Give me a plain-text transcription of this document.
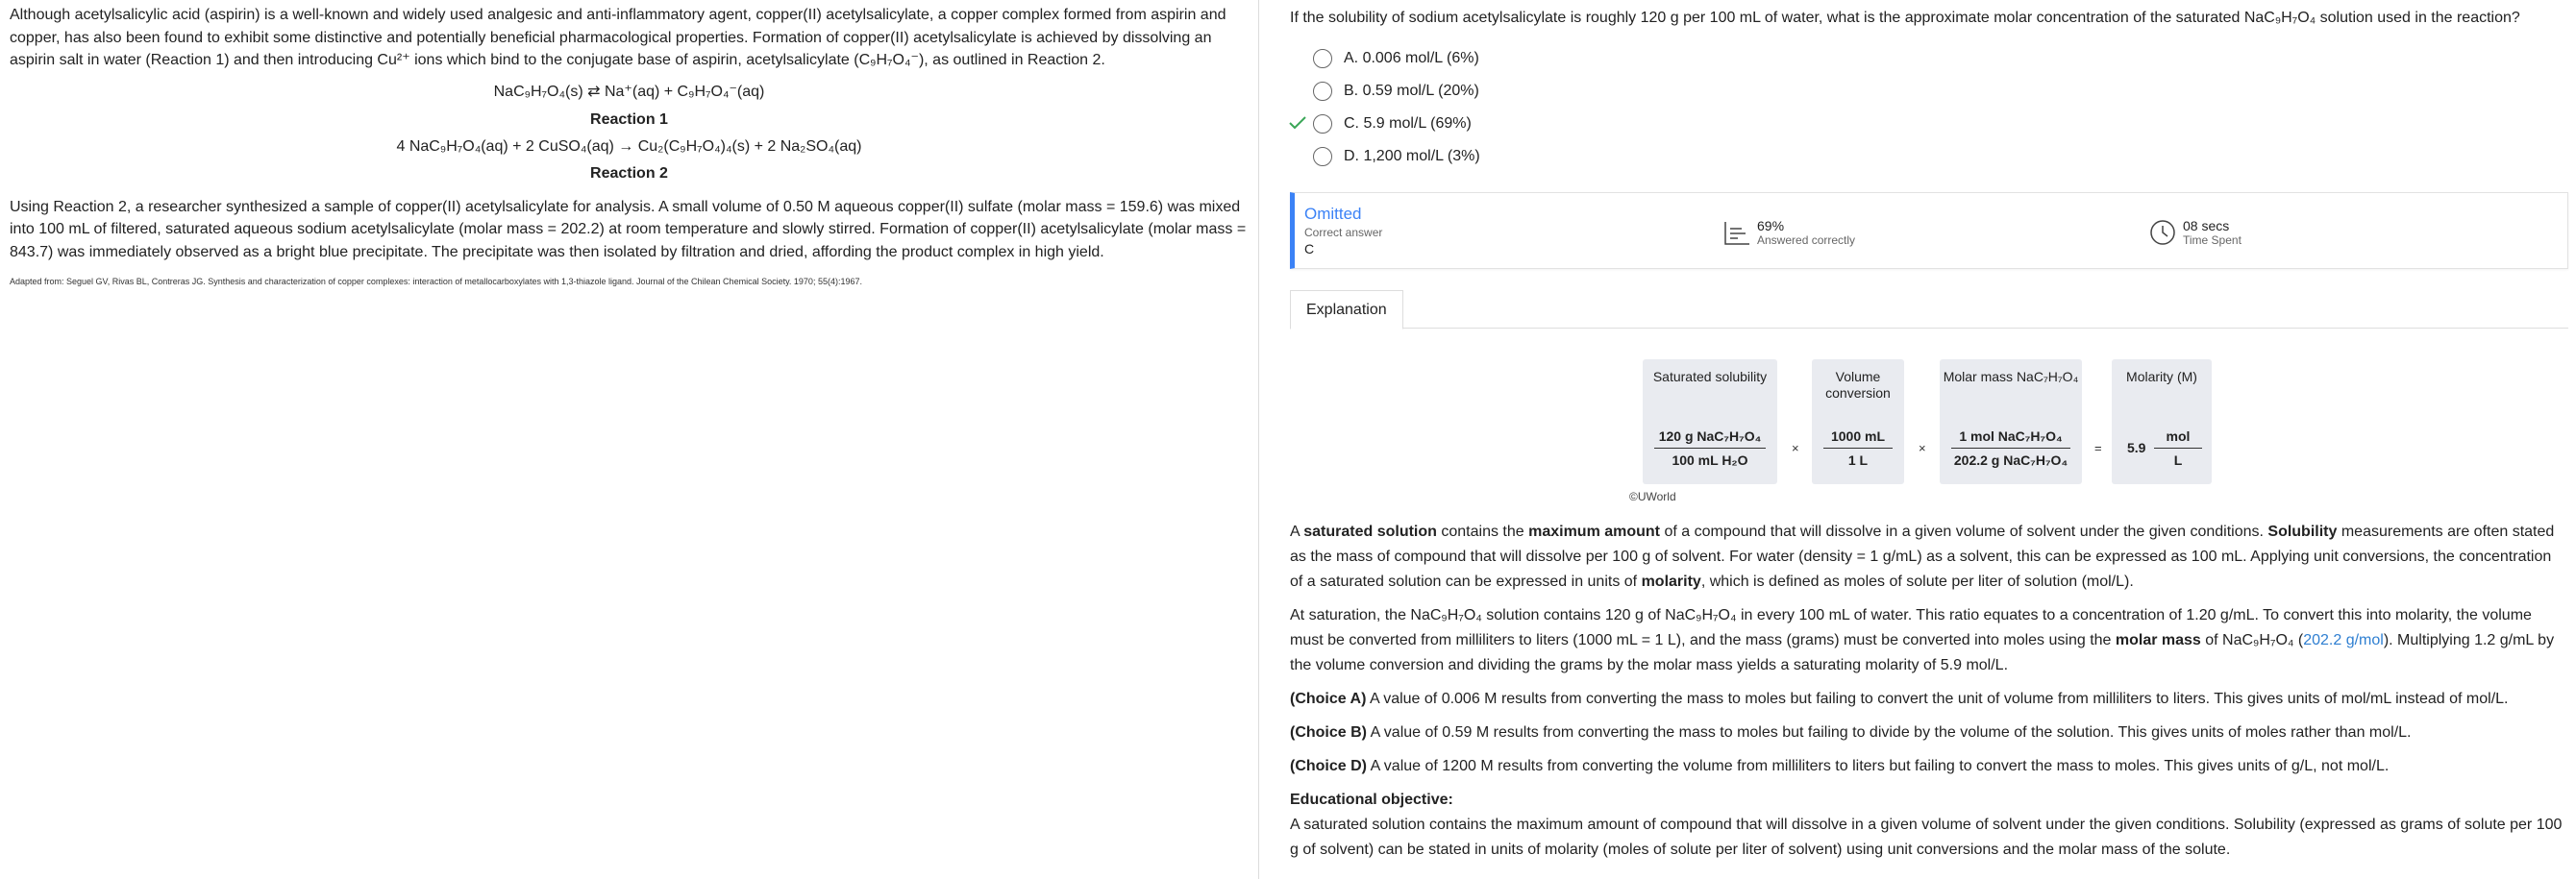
Although acetylsalicylic acid (aspirin) is a well-known and widely used analgesic and anti-inflammatory agent, copper(II) acetylsalicylate, a copper complex formed from aspirin and copper, has also been found to exhibit some distinctive and potentially beneficial pharmacological properties. Formation of copper(II) acetylsalicylate is achieved by dissolving an aspirin salt in water (Reaction 1) and then introducing Cu²⁺ ions which bind to the conjugate base of aspirin, acetylsalicylate (C₉H₇O₄⁻), as outlined in Reaction 2.
NaC₉H₇O₄(s) ⇄ Na⁺(aq) + C₉H₇O₄⁻(aq)
Reaction 1
4 NaC₉H₇O₄(aq) + 2 CuSO₄(aq) → Cu₂(C₉H₇O₄)₄(s) + 2 Na₂SO₄(aq)
Reaction 2
Using Reaction 2, a researcher synthesized a sample of copper(II) acetylsalicylate for analysis. A small volume of 0.50 M aqueous copper(II) sulfate (molar mass = 159.6) was mixed into 100 mL of filtered, saturated aqueous sodium acetylsalicylate (molar mass = 202.2) at room temperature and slowly stirred. Formation of copper(II) acetylsalicylate (molar mass = 843.7) was immediately observed as a bright blue precipitate. The precipitate was then isolated by filtration and dried, affording the product complex in high yield.
Adapted from: Seguel GV, Rivas BL, Contreras JG. Synthesis and characterization of copper complexes: interaction of metallocarboxylates with 1,3-thiazole ligand. Journal of the Chilean Chemical Society. 1970; 55(4):1967.
If the solubility of sodium acetylsalicylate is roughly 120 g per 100 mL of water, what is the approximate molar concentration of the saturated NaC₉H₇O₄ solution used in the reaction?
A. 0.006 mol/L (6%)
B. 0.59 mol/L (20%)
C. 5.9 mol/L (69%)
D. 1,200 mol/L (3%)
Omitted
Correct answer
C
69%
Answered correctly
08 secs
Time Spent
Explanation
Saturated solubility
120 g NaC₇H₇O₄
100 mL H₂O
×
Volume conversion
1000 mL
1 L
×
Molar mass NaC₇H₇O₄
1 mol NaC₇H₇O₄
202.2 g NaC₇H₇O₄
=
Molarity (M)
mol
L
5.9
©UWorld

A saturated solution contains the maximum amount of a compound that will dissolve in a given volume of solvent under the given conditions. Solubility measurements are often stated as the mass of compound that will dissolve per 100 g of solvent. For water (density = 1 g/mL) as a solvent, this can be expressed as 100 mL. Applying unit conversions, the concentration of a saturated solution can be expressed in units of molarity, which is defined as moles of solute per liter of solution (mol/L).

At saturation, the NaC₉H₇O₄ solution contains 120 g of NaC₉H₇O₄ in every 100 mL of water. This ratio equates to a concentration of 1.20 g/mL. To convert this into molarity, the volume must be converted from milliliters to liters (1000 mL = 1 L), and the mass (grams) must be converted into moles using the molar mass of NaC₉H₇O₄ (202.2 g/mol). Multiplying 1.2 g/mL by the volume conversion and dividing the grams by the molar mass yields a saturating molarity of 5.9 mol/L.

(Choice A) A value of 0.006 M results from converting the mass to moles but failing to convert the unit of volume from milliliters to liters. This gives units of mol/mL instead of mol/L.

(Choice B) A value of 0.59 M results from converting the mass to moles but failing to divide by the volume of the solution. This gives units of moles rather than mol/L.

(Choice D) A value of 1200 M results from converting the volume from milliliters to liters but failing to convert the mass to moles. This gives units of g/L, not mol/L.

Educational objective:
A saturated solution contains the maximum amount of compound that will dissolve in a given volume of solvent under the given conditions. Solubility (expressed as grams of solute per 100 g of solvent) can be stated in units of molarity (moles of solute per liter of solvent) using unit conversions and the molar mass of the solute.
